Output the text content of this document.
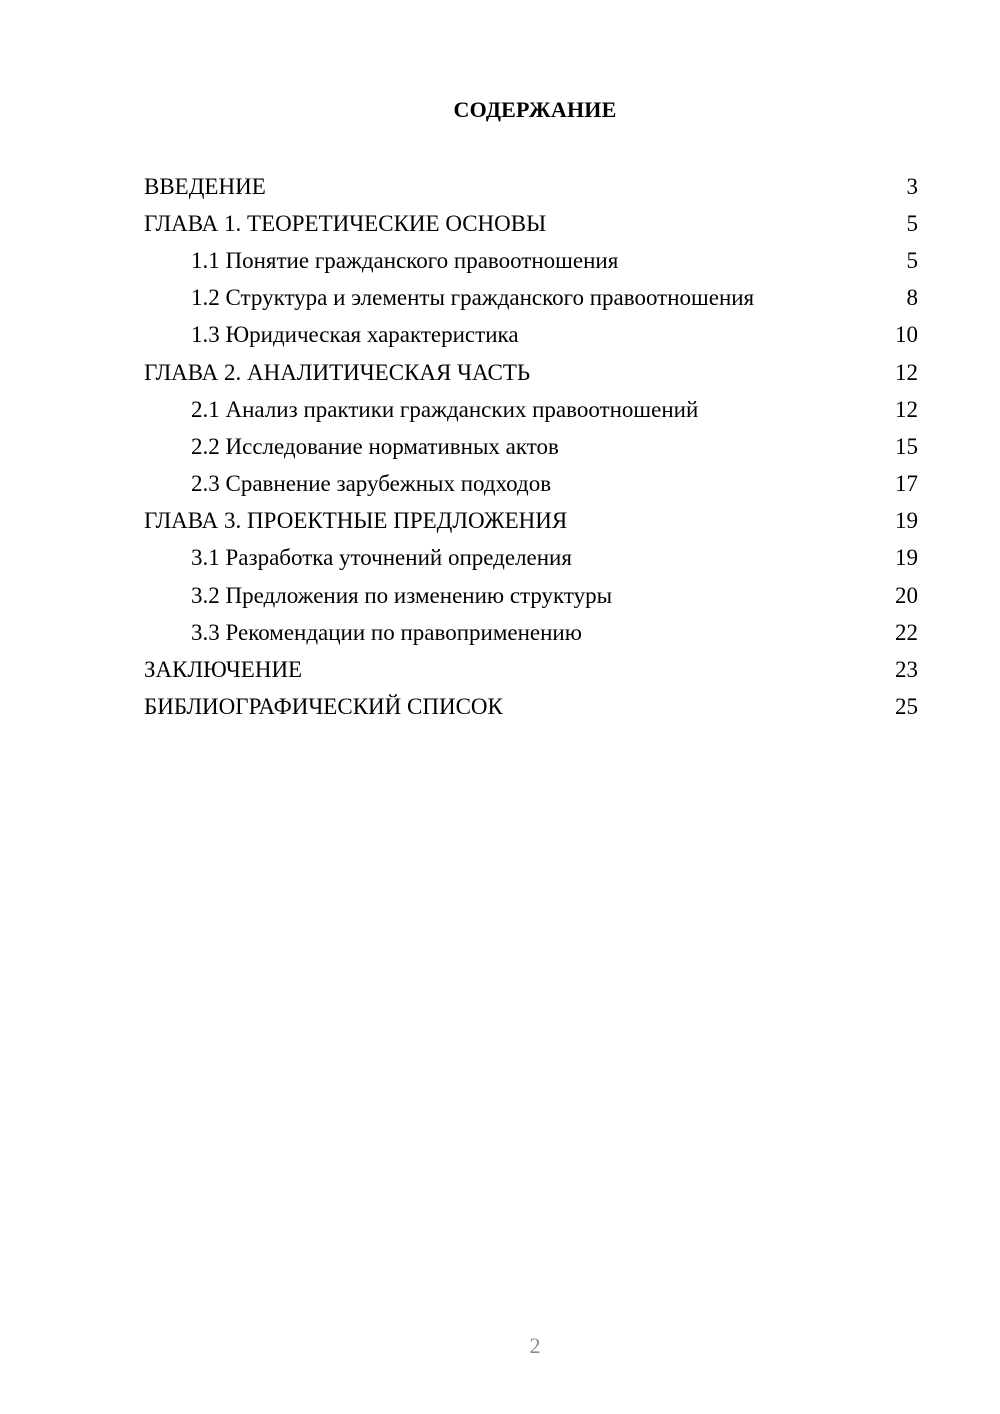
СОДЕРЖАНИЕ
ВВЕДЕНИЕ	3
ГЛАВА 1. ТЕОРЕТИЧЕСКИЕ ОСНОВЫ	5
1.1 Понятие гражданского правоотношения	5
1.2 Структура и элементы гражданского правоотношения	8
1.3 Юридическая характеристика	10
ГЛАВА 2. АНАЛИТИЧЕСКАЯ ЧАСТЬ	12
2.1 Анализ практики гражданских правоотношений	12
2.2 Исследование нормативных актов	15
2.3 Сравнение зарубежных подходов	17
ГЛАВА 3. ПРОЕКТНЫЕ ПРЕДЛОЖЕНИЯ	19
3.1 Разработка уточнений определения	19
3.2 Предложения по изменению структуры	20
3.3 Рекомендации по правоприменению	22
ЗАКЛЮЧЕНИЕ	23
БИБЛИОГРАФИЧЕСКИЙ СПИСОК	25
2
